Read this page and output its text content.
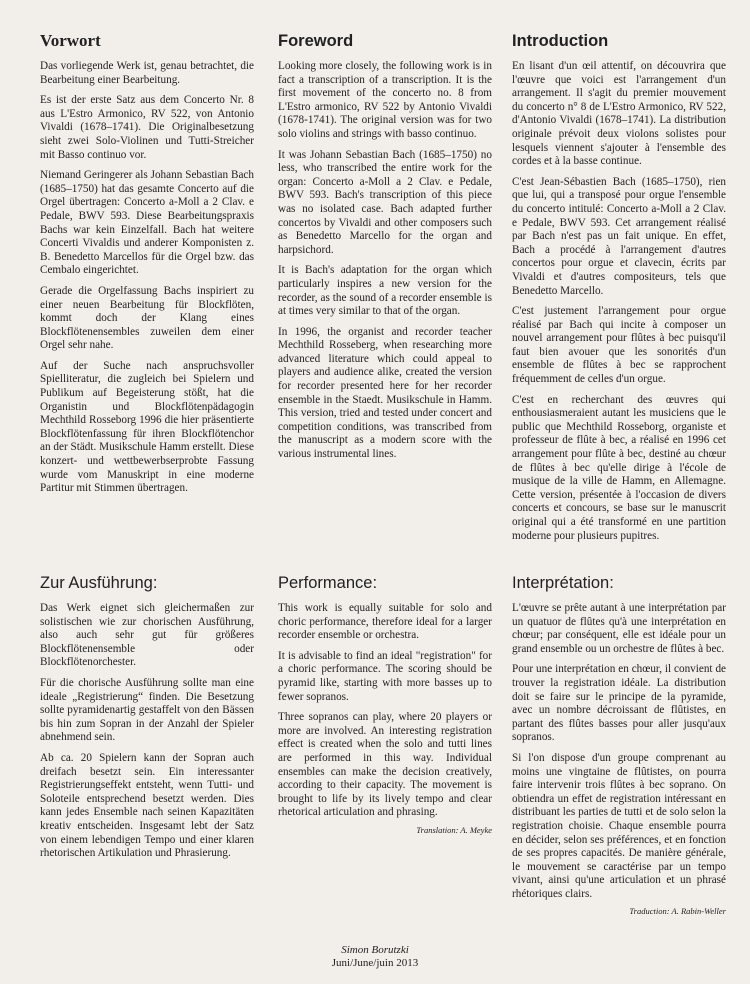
Vorwort

Das vorliegende Werk ist, genau betrachtet, die Bearbeitung einer Bearbeitung.

Es ist der erste Satz aus dem Concerto Nr. 8 aus L'Estro Armonico, RV 522, von Antonio Vivaldi (1678–1741). Die Originalbesetzung sieht zwei Solo-Violinen und Tutti-Streicher mit Basso continuo vor.

Niemand Geringerer als Johann Sebastian Bach (1685–1750) hat das gesamte Concerto auf die Orgel übertragen: Concerto a-Moll a 2 Clav. e Pedale, BWV 593. Diese Bearbeitungspraxis Bachs war kein Einzelfall. Bach hat weitere Concerti Vivaldis und anderer Komponisten z. B. Benedetto Marcellos für die Orgel bzw. das Cembalo eingerichtet.

Gerade die Orgelfassung Bachs inspiriert zu einer neuen Bearbeitung für Blockflöten, kommt doch der Klang eines Blockflötenensembles zuweilen dem einer Orgel sehr nahe.

Auf der Suche nach anspruchsvoller Spielliteratur, die zugleich bei Spielern und Publikum auf Begeisterung stößt, hat die Organistin und Blockflötenpädagogin Mechthild Rosseborg 1996 die hier präsentierte Blockflötenfassung für ihren Blockflötenchor an der Städt. Musikschule Hamm erstellt. Diese konzert- und wettbewerbserprobte Fassung wurde vom Manuskript in eine moderne Partitur mit Stimmen übertragen.

Foreword

Looking more closely, the following work is in fact a transcription of a transcription. It is the first movement of the concerto no. 8 from L'Estro armonico, RV 522 by Antonio Vivaldi (1678-1741). The original version was for two solo violins and strings with basso continuo.

It was Johann Sebastian Bach (1685–1750) no less, who transcribed the entire work for the organ: Concerto a-Moll a 2 Clav. e Pedale, BWV 593. Bach's transcription of this piece was no isolated case. Bach adapted further concertos by Vivaldi and other composers such as Benedetto Marcello for the organ and harpsichord.

It is Bach's adaptation for the organ which particularly inspires a new version for the recorder, as the sound of a recorder ensemble is at times very similar to that of the organ.

In 1996, the organist and recorder teacher Mechthild Rosseberg, when researching more advanced literature which could appeal to players and audience alike, created the version for recorder presented here for her recorder ensemble in the Staedt. Musikschule in Hamm. This version, tried and tested under concert and competition conditions, was transcribed from the manuscript as a modern score with the various instrumental lines.

Introduction

En lisant d'un œil attentif, on découvrira que l'œuvre que voici est l'arrangement d'un arrangement. Il s'agit du premier mouvement du concerto n° 8 de L'Estro Armonico, RV 522, d'Antonio Vivaldi (1678–1741). La distribution originale prévoit deux violons solistes pour lesquels viennent s'ajouter à l'ensemble des cordes et à la basse continue.

C'est Jean-Sébastien Bach (1685–1750), rien que lui, qui a transposé pour orgue l'ensemble du concerto intitulé: Concerto a-Moll a 2 Clav. e Pedale, BWV 593. Cet arrangement réalisé par Bach n'est pas un fait unique. En effet, Bach a procédé à l'arrangement d'autres concertos pour orgue et clavecin, écrits par Vivaldi et d'autres compositeurs, tels que Benedetto Marcello.

C'est justement l'arrangement pour orgue réalisé par Bach qui incite à composer un nouvel arrangement pour flûtes à bec puisqu'il faut bien avouer que les sonorités d'un ensemble de flûtes à bec se rapprochent fréquemment de celles d'un orgue.

C'est en recherchant des œuvres qui enthousiasmeraient autant les musiciens que le public que Mechthild Rosseborg, organiste et professeur de flûte à bec, a réalisé en 1996 cet arrangement pour flûte à bec, destiné au chœur de flûtes à bec qu'elle dirige à l'école de musique de la ville de Hamm, en Allemagne. Cette version, présentée à l'occasion de divers concerts et concours, se base sur le manuscrit original qui a été transformé en une partition moderne pour plusieurs pupitres.

Zur Ausführung:

Das Werk eignet sich gleichermaßen zur solistischen wie zur chorischen Ausführung, also auch sehr gut für größeres Blockflötenensemble oder Blockflötenorchester.

Für die chorische Ausführung sollte man eine ideale „Registrierung“ finden. Die Besetzung sollte pyramidenartig gestaffelt von den Bässen bis hin zum Sopran in der Anzahl der Spieler abnehmend sein.

Ab ca. 20 Spielern kann der Sopran auch dreifach besetzt sein. Ein interessanter Registrierungseffekt entsteht, wenn Tutti- und Soloteile entsprechend besetzt werden. Dies kann jedes Ensemble nach seinen Kapazitäten kreativ entscheiden. Insgesamt lebt der Satz von einem lebendigen Tempo und einer klaren rhetorischen Artikulation und Phrasierung.

Performance:

This work is equally suitable for solo and choric performance, therefore ideal for a larger recorder ensemble or orchestra.

It is advisable to find an ideal "registration" for a choric performance. The scoring should be pyramid like, starting with more basses up to fewer sopranos.

Three sopranos can play, where 20 players or more are involved. An interesting registration effect is created when the solo and tutti lines are performed in this way. Individual ensembles can make the decision creatively, according to their capacity. The movement is brought to life by its lively tempo and clear rhetorical articulation and phrasing.

Translation: A. Meyke
Interprétation:

L'œuvre se prête autant à une interprétation par un quatuor de flûtes qu'à une interprétation en chœur; par conséquent, elle est idéale pour un grand ensemble ou un orchestre de flûtes à bec.

Pour une interprétation en chœur, il convient de trouver la registration idéale. La distribution doit se faire sur le principe de la pyramide, avec un nombre décroissant de flûtistes, en partant des flûtes basses pour aller jusqu'aux sopranos.

Si l'on dispose d'un groupe comprenant au moins une vingtaine de flûtistes, on pourra faire intervenir trois flûtes à bec soprano. On obtiendra un effet de registration intéressant en distribuant les parties de tutti et de solo selon la registration choisie. Chaque ensemble pourra en décider, selon ses préférences, et en fonction de ses propres capacités. De manière générale, le mouvement se caractérise par un tempo vivant, ainsi qu'une articulation et un phrasé rhétoriques clairs.

Traduction: A. Rabin-Weller
Simon Borutzki
Juni/June/juin 2013
